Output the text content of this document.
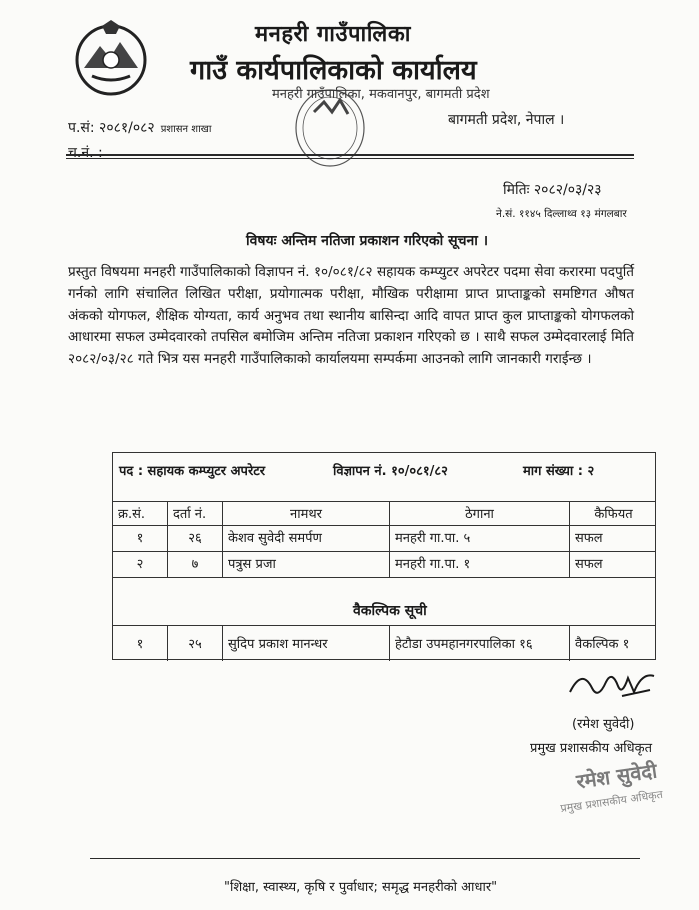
मनहरी गाउँपालिका
गाउँ कार्यपालिकाको कार्यालय
प.सं: २०८१/०८२ प्रशासन शाखा
च.नं. :
बागमती प्रदेश, नेपाल ।
मनहरी गाउँपालिका, मकवानपुर, बागमती प्रदेश
मितिः २०८२/०३/२३
ने.सं. ११४५ दिल्लाथ्व १३ मंगलबार
विषयः अन्तिम नतिजा प्रकाशन गरिएको सूचना ।
प्रस्तुत विषयमा मनहरी गाउँपालिकाको विज्ञापन नं. १०/०८१/८२ सहायक कम्प्युटर अपरेटर पदमा सेवा करारमा पदपुर्ति गर्नको लागि संचालित लिखित परीक्षा, प्रयोगात्मक परीक्षा, मौखिक परीक्षामा प्राप्त प्राप्ताङ्कको समष्टिगत औषत अंकको योगफल, शैक्षिक योग्यता, कार्य अनुभव तथा स्थानीय बासिन्दा आदि वापत प्राप्त कुल प्राप्ताङ्कको योगफलको आधारमा सफल उम्मेदवारको तपसिल बमोजिम अन्तिम नतिजा प्रकाशन गरिएको छ । साथै सफल उम्मेदवारलाई मिति २०८२/०३/२८ गते भित्र यस मनहरी गाउँपालिकाको कार्यालयमा सम्पर्कमा आउनको लागि जानकारी गराईन्छ ।
पद : सहायक कम्प्युटर अपरेटर	विज्ञापन नं. १०/०८१/८२	माग संख्या : २
क्र.सं.	दर्ता नं.	नामथर	ठेगाना	कैफियत
१	२६	केशव सुवेदी समर्पण	मनहरी गा.पा. ५	सफल
२	७	पत्रुस प्रजा	मनहरी गा.पा. १	सफल
वैकल्पिक सूची
१	२५	सुदिप प्रकाश मानन्धर	हेटौडा उपमहानगरपालिका १६	वैकल्पिक १
(रमेश सुवेदी)
प्रमुख प्रशासकीय अधिकृत
रमेश सुवेदी
प्रमुख प्रशासकीय अधिकृत
"शिक्षा, स्वास्थ्य, कृषि र पुर्वाधार; समृद्ध मनहरीको आधार"
